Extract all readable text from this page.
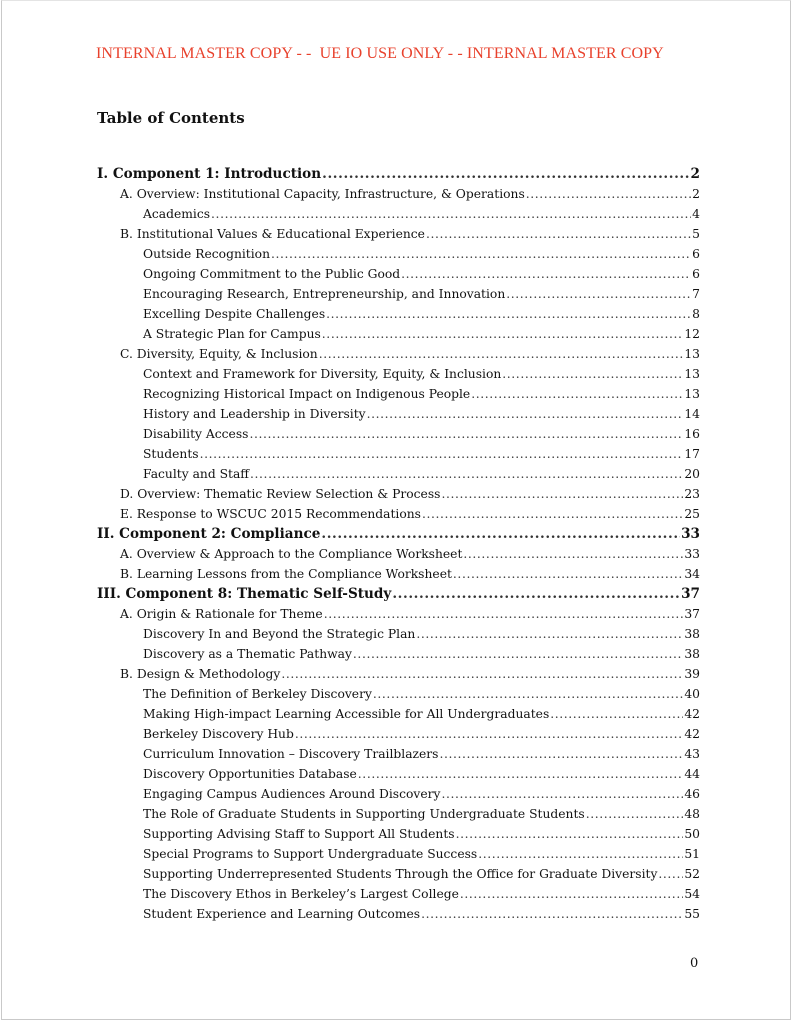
INTERNAL MASTER COPY - -  UE IO USE ONLY - - INTERNAL MASTER COPY
Table of Contents
I. Component 1: Introduction .....	2
A. Overview: Institutional Capacity, Infrastructure, & Operations .....	2
Academics .....	4
B. Institutional Values & Educational Experience .....	5
Outside Recognition .....	6
Ongoing Commitment to the Public Good .....	6
Encouraging Research, Entrepreneurship, and Innovation .....	7
Excelling Despite Challenges .....	8
A Strategic Plan for Campus .....	12
C. Diversity, Equity, & Inclusion .....	13
Context and Framework for Diversity, Equity, & Inclusion .....	13
Recognizing Historical Impact on Indigenous People .....	13
History and Leadership in Diversity .....	14
Disability Access .....	16
Students .....	17
Faculty and Staff .....	20
D. Overview: Thematic Review Selection & Process .....	23
E. Response to WSCUC 2015 Recommendations .....	25
II. Component 2: Compliance .....	33
A. Overview & Approach to the Compliance Worksheet .....	33
B. Learning Lessons from the Compliance Worksheet .....	34
III. Component 8: Thematic Self-Study .....	37
A. Origin & Rationale for Theme .....	37
Discovery In and Beyond the Strategic Plan .....	38
Discovery as a Thematic Pathway .....	38
B. Design & Methodology .....	39
The Definition of Berkeley Discovery .....	40
Making High-impact Learning Accessible for All Undergraduates .....	42
Berkeley Discovery Hub .....	42
Curriculum Innovation – Discovery Trailblazers .....	43
Discovery Opportunities Database .....	44
Engaging Campus Audiences Around Discovery .....	46
The Role of Graduate Students in Supporting Undergraduate Students .....	48
Supporting Advising Staff to Support All Students .....	50
Special Programs to Support Undergraduate Success .....	51
Supporting Underrepresented Students Through the Office for Graduate Diversity ..... 52
The Discovery Ethos in Berkeley’s Largest College .....	54
Student Experience and Learning Outcomes .....	55
0
